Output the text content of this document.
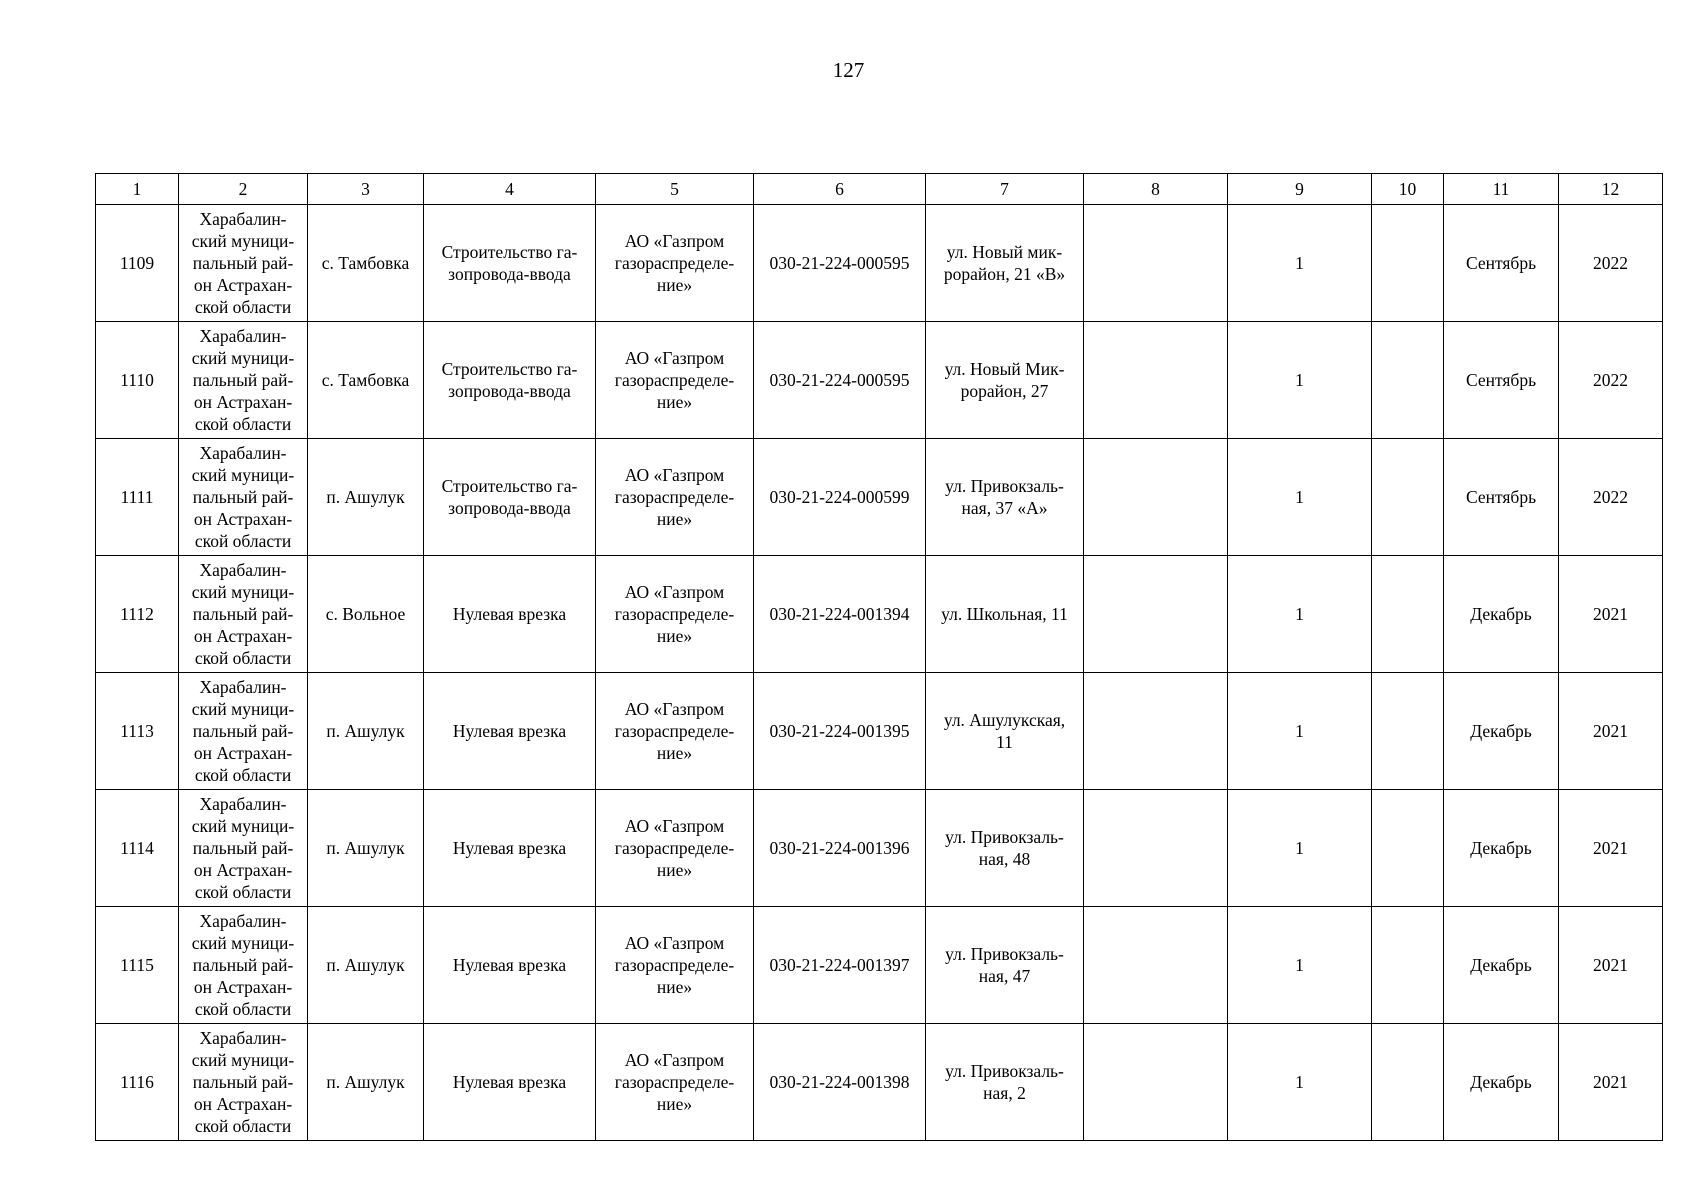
127
1	2	3	4	5	6	7	8	9	10	11	12
1109	Харабалин-
ский муници-
пальный рай-
он Астрахан-
ской области	с. Тамбовка	Строительство га-
зопровода-ввода	АО «Газпром
газораспределе-
ние»	030-21-224-000595	ул. Новый мик-
рорайон, 21 «В»		1		Сентябрь	2022
1110	Харабалин-
ский муници-
пальный рай-
он Астрахан-
ской области	с. Тамбовка	Строительство га-
зопровода-ввода	АО «Газпром
газораспределе-
ние»	030-21-224-000595	ул. Новый Мик-
рорайон, 27		1		Сентябрь	2022
1111	Харабалин-
ский муници-
пальный рай-
он Астрахан-
ской области	п. Ашулук	Строительство га-
зопровода-ввода	АО «Газпром
газораспределе-
ние»	030-21-224-000599	ул. Привокзаль-
ная, 37 «А»		1		Сентябрь	2022
1112	Харабалин-
ский муници-
пальный рай-
он Астрахан-
ской области	с. Вольное	Нулевая врезка	АО «Газпром
газораспределе-
ние»	030-21-224-001394	ул. Школьная, 11		1		Декабрь	2021
1113	Харабалин-
ский муници-
пальный рай-
он Астрахан-
ской области	п. Ашулук	Нулевая врезка	АО «Газпром
газораспределе-
ние»	030-21-224-001395	ул. Ашулукская,
11		1		Декабрь	2021
1114	Харабалин-
ский муници-
пальный рай-
он Астрахан-
ской области	п. Ашулук	Нулевая врезка	АО «Газпром
газораспределе-
ние»	030-21-224-001396	ул. Привокзаль-
ная, 48		1		Декабрь	2021
1115	Харабалин-
ский муници-
пальный рай-
он Астрахан-
ской области	п. Ашулук	Нулевая врезка	АО «Газпром
газораспределе-
ние»	030-21-224-001397	ул. Привокзаль-
ная, 47		1		Декабрь	2021
1116	Харабалин-
ский муници-
пальный рай-
он Астрахан-
ской области	п. Ашулук	Нулевая врезка	АО «Газпром
газораспределе-
ние»	030-21-224-001398	ул. Привокзаль-
ная, 2		1		Декабрь	2021
